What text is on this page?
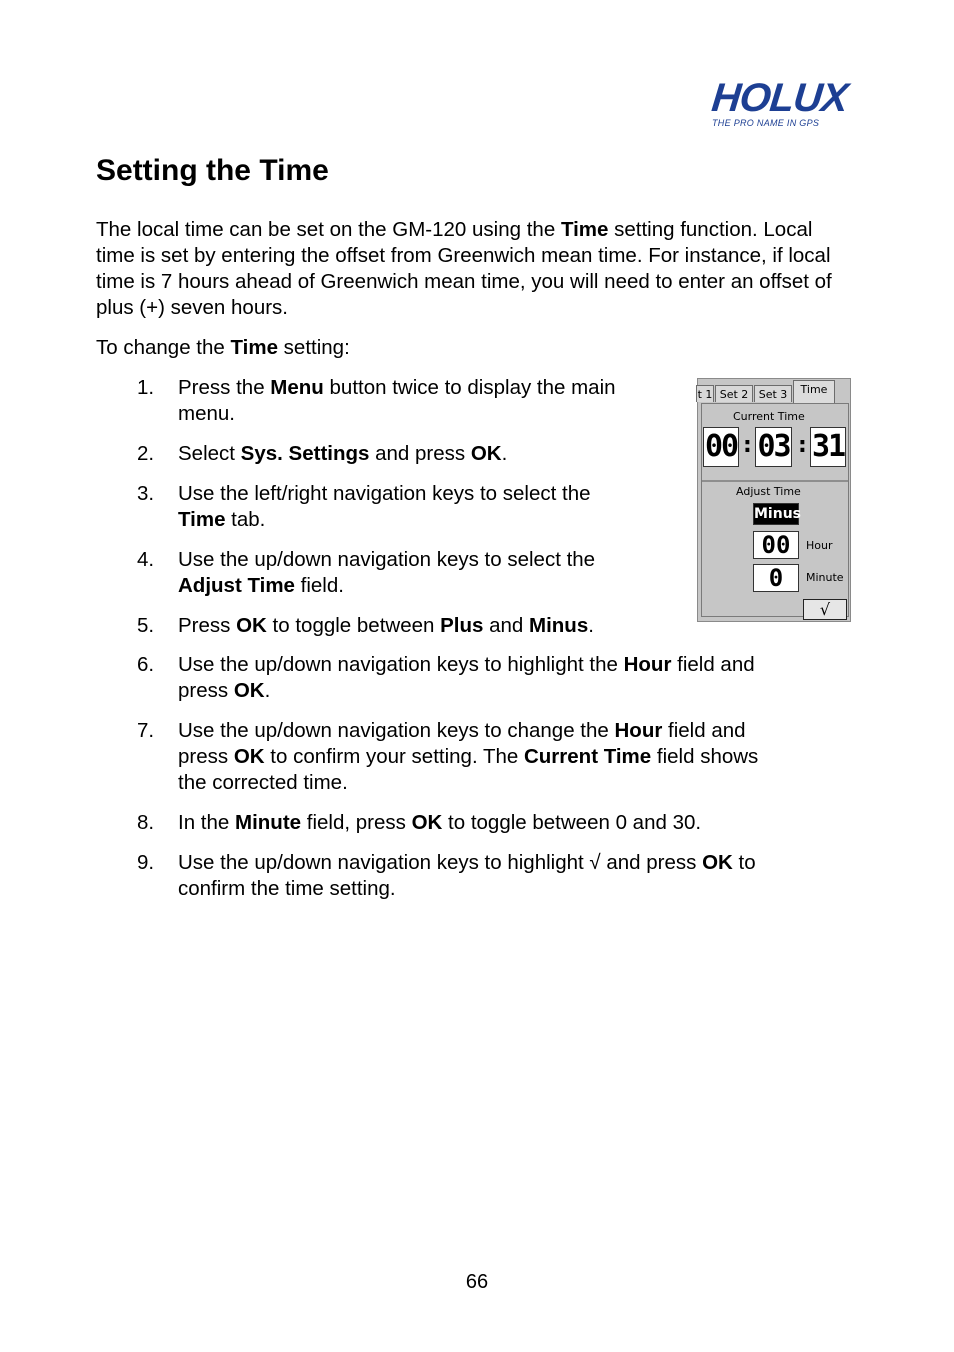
HOLUX
THE PRO NAME IN GPS
Setting the Time

The local time can be set on the GM-120 using the Time setting function. Local time is set by entering the offset from Greenwich mean time. For instance, if local time is 7 hours ahead of Greenwich mean time, you will need to enter an offset of plus (+) seven hours.

To change the Time setting:

1. Press the Menu button twice to display the main
menu.
2. Select Sys. Settings and press OK.
3. Use the left/right navigation keys to select the
Time tab.
4. Use the up/down navigation keys to select the
Adjust Time field.
5. Press OK to toggle between Plus and Minus.
6. Use the up/down navigation keys to highlight the Hour field and
press OK.
7. Use the up/down navigation keys to change the Hour field and
press OK to confirm your setting. The Current Time field shows
the corrected time.
8. In the Minute field, press OK to toggle between 0 and 30.
9. Use the up/down navigation keys to highlight √ and press OK to
confirm the time setting.
t 1 Set 2 Set 3	Time
Current Time
00 : 03 : 31
Adjust Time
Minus
00	Hour
0	Minute
√
66
